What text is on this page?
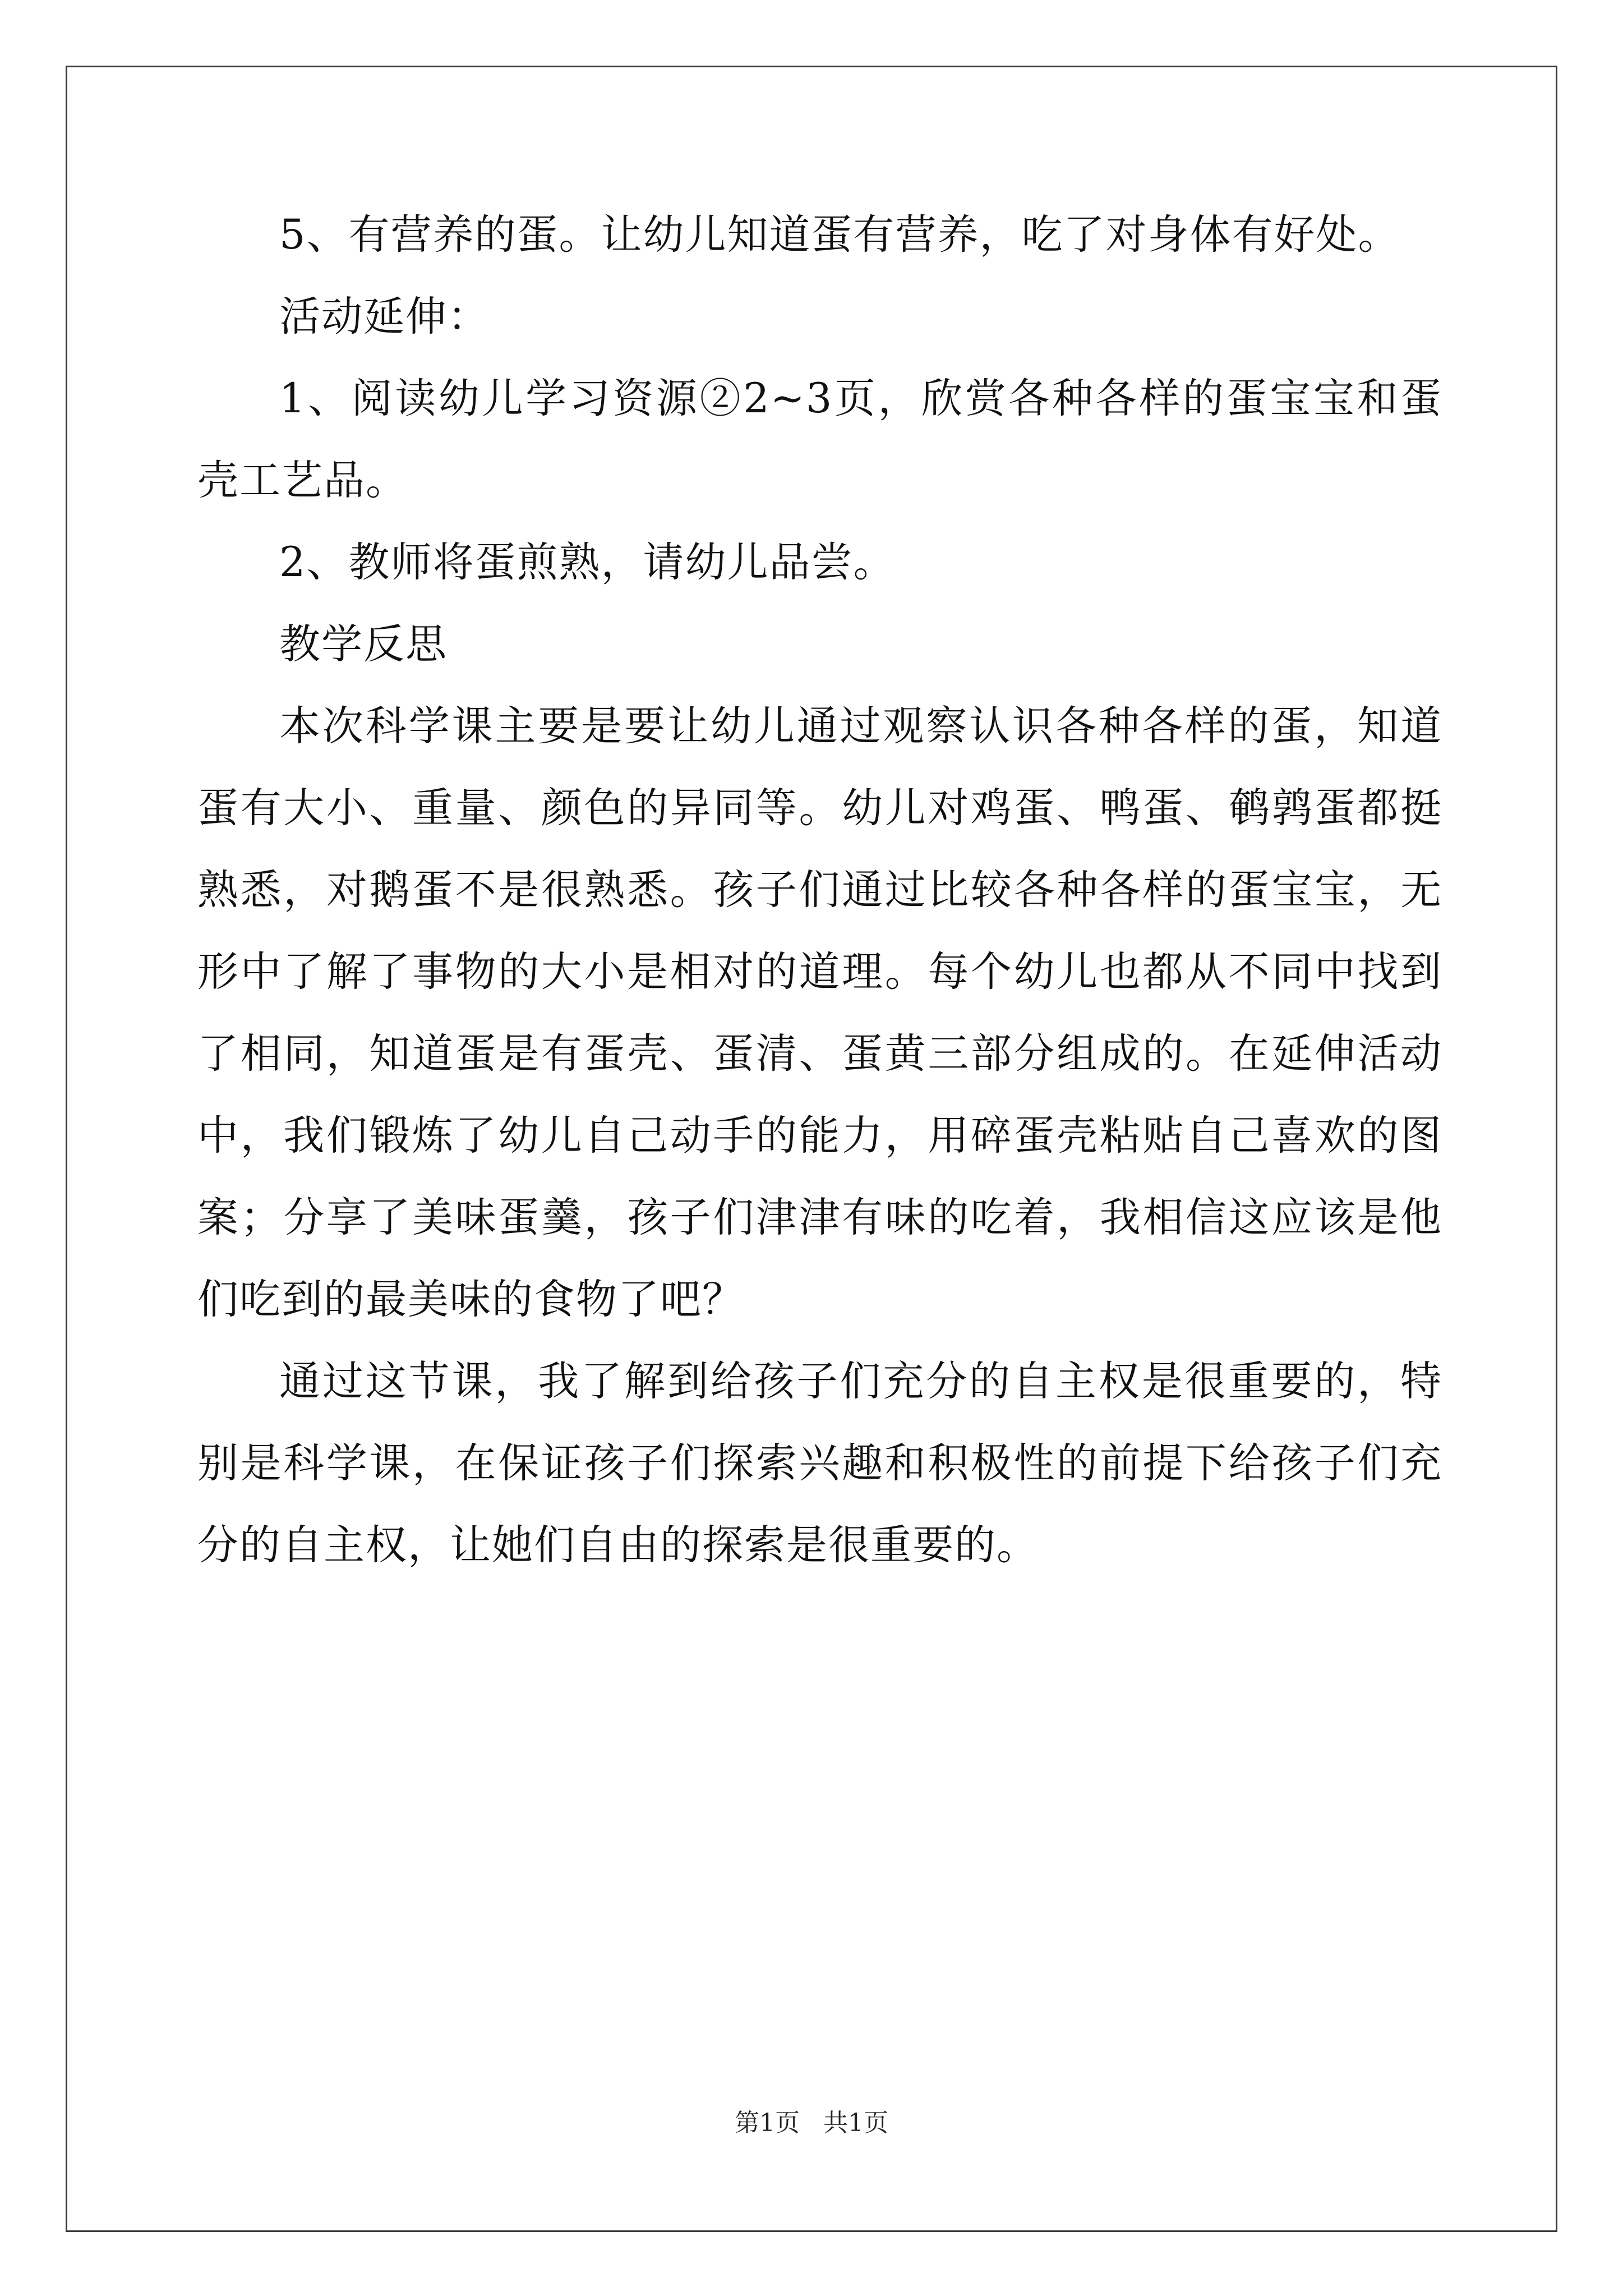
5、有营养的蛋。让幼儿知道蛋有营养，吃了对身体有好处。

活动延伸：

1、阅读幼儿学习资源②2~3页，欣赏各种各样的蛋宝宝和蛋壳工艺品。

2、教师将蛋煎熟，请幼儿品尝。

教学反思

本次科学课主要是要让幼儿通过观察认识各种各样的蛋，知道蛋有大小、重量、颜色的异同等。幼儿对鸡蛋、鸭蛋、鹌鹑蛋都挺熟悉，对鹅蛋不是很熟悉。孩子们通过比较各种各样的蛋宝宝，无形中了解了事物的大小是相对的道理。每个幼儿也都从不同中找到了相同，知道蛋是有蛋壳、蛋清、蛋黄三部分组成的。在延伸活动中，我们锻炼了幼儿自己动手的能力，用碎蛋壳粘贴自己喜欢的图案；分享了美味蛋羹，孩子们津津有味的吃着，我相信这应该是他们吃到的最美味的食物了吧？

通过这节课，我了解到给孩子们充分的自主权是很重要的，特别是科学课，在保证孩子们探索兴趣和积极性的前提下给孩子们充分的自主权，让她们自由的探索是很重要的。

第1页   共1页
